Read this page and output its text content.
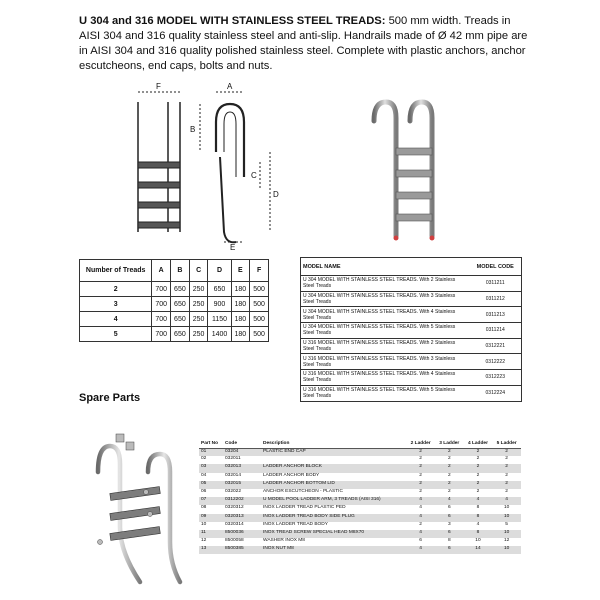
U 304 and 316 MODEL WITH STAINLESS STEEL TREADS: 500 mm width. Treads in AISI 304 and 316 quality stainless steel and anti-slip. Handrails made of Ø 42 mm pipe are in AISI 304 and 316 quality polished stainless steel. Complete with plastic anchors, anchor escutcheons, end caps, bolts and nuts.
F	A
B
C
D
E
Number of Treads	A	B	C	D	E	F
2	700	650	250	650	180	500
3	700	650	250	900	180	500
4	700	650	250	1150	180	500
5	700	650	250	1400	180	500
MODEL NAME	MODEL CODE
U 304 MODEL WITH STAINLESS STEEL TREADS. With 2 Stainless Steel Treads	0311211
U 304 MODEL WITH STAINLESS STEEL TREADS. With 3 Stainless Steel Treads	0311212
U 304 MODEL WITH STAINLESS STEEL TREADS. With 4 Stainless Steel Treads	0311213
U 304 MODEL WITH STAINLESS STEEL TREADS. With 5 Stainless Steel Treads	0311214
U 316 MODEL WITH STAINLESS STEEL TREADS. With 2 Stainless Steel Treads	0312221
U 316 MODEL WITH STAINLESS STEEL TREADS. With 3 Stainless Steel Treads	0312222
U 316 MODEL WITH STAINLESS STEEL TREADS. With 4 Stainless Steel Treads	0312223
U 316 MODEL WITH STAINLESS STEEL TREADS. With 5 Stainless Steel Treads	0312224
Spare Parts
Part No	Code	Description	2 Ladder	3 Ladder	4 Ladder	5 Ladder
01	03204	PLASTIC END CAP	2	2	2	2
02	032011		2	2	2	2
03	032013	LADDER ANCHOR BLOCK	2	2	2	2
04	032014	LADDER ANCHOR BODY	2	2	2	2
05	032015	LADDER ANCHOR BOTTOM LID	2	2	2	2
06	032022	ANCHOR ESCUTCHEON - PLASTIC	2	2	2	2
07	0312202	U MODEL POOL LADDER ARM, 3 TREADS (AISI 316)	4	4	4	4
08	0320312	INOX LADDER TREAD PLASTIC PED	4	6	8	10
09	0320313	INOX LADDER TREAD BODY SIDE PLUG	4	6	8	10
10	0320314	INOX LADDER TREAD BODY	2	3	4	5
11	8500036	INOX TREAD SCREW SPECIAL HEAD M8X70	4	6	8	10
12	8500058	WASHER INOX M8	6	8	10	12
13	8500385	INOX NUT M8	4	6	14	10
